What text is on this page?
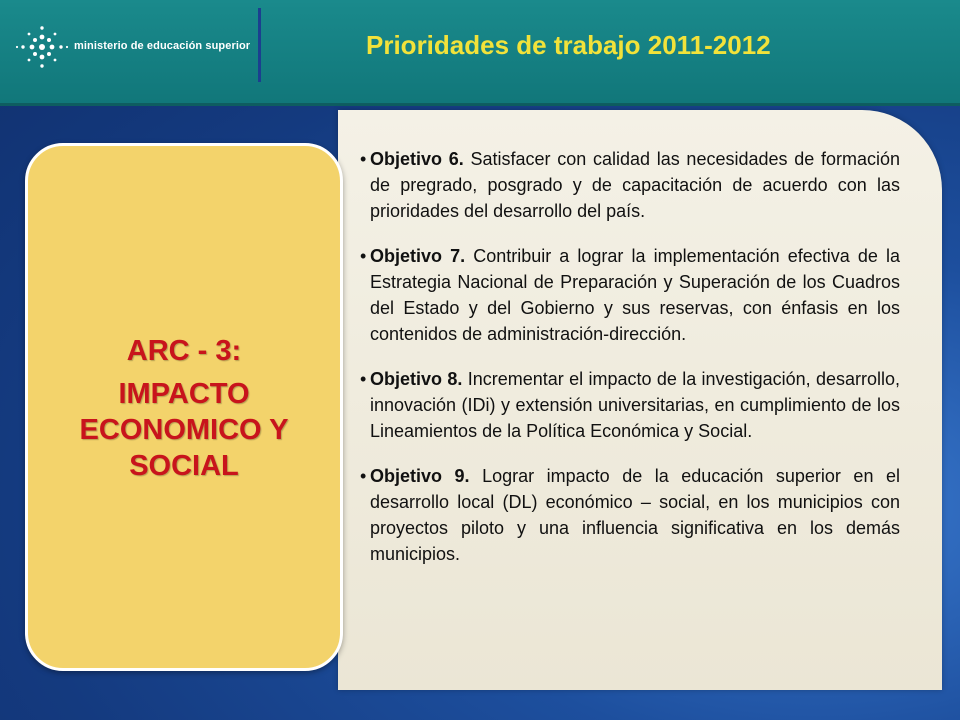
ministerio de educación superior	Prioridades de trabajo 2011-2012
ARC - 3:
IMPACTO ECONOMICO Y SOCIAL
• Objetivo 6. Satisfacer con calidad las necesidades de formación de pregrado, posgrado y de capacitación de acuerdo con las prioridades del desarrollo del país.
• Objetivo 7. Contribuir a lograr la implementación efectiva de la Estrategia Nacional de Preparación y Superación de los Cuadros del Estado y del Gobierno y sus reservas, con énfasis en los contenidos de administración-dirección.
• Objetivo 8. Incrementar el impacto de la investigación, desarrollo, innovación (IDi) y extensión universitarias, en cumplimiento de los Lineamientos de la Política Económica y Social.
• Objetivo 9. Lograr impacto de la educación superior en el desarrollo local (DL) económico – social, en los municipios con proyectos piloto y una influencia significativa en los demás municipios.
